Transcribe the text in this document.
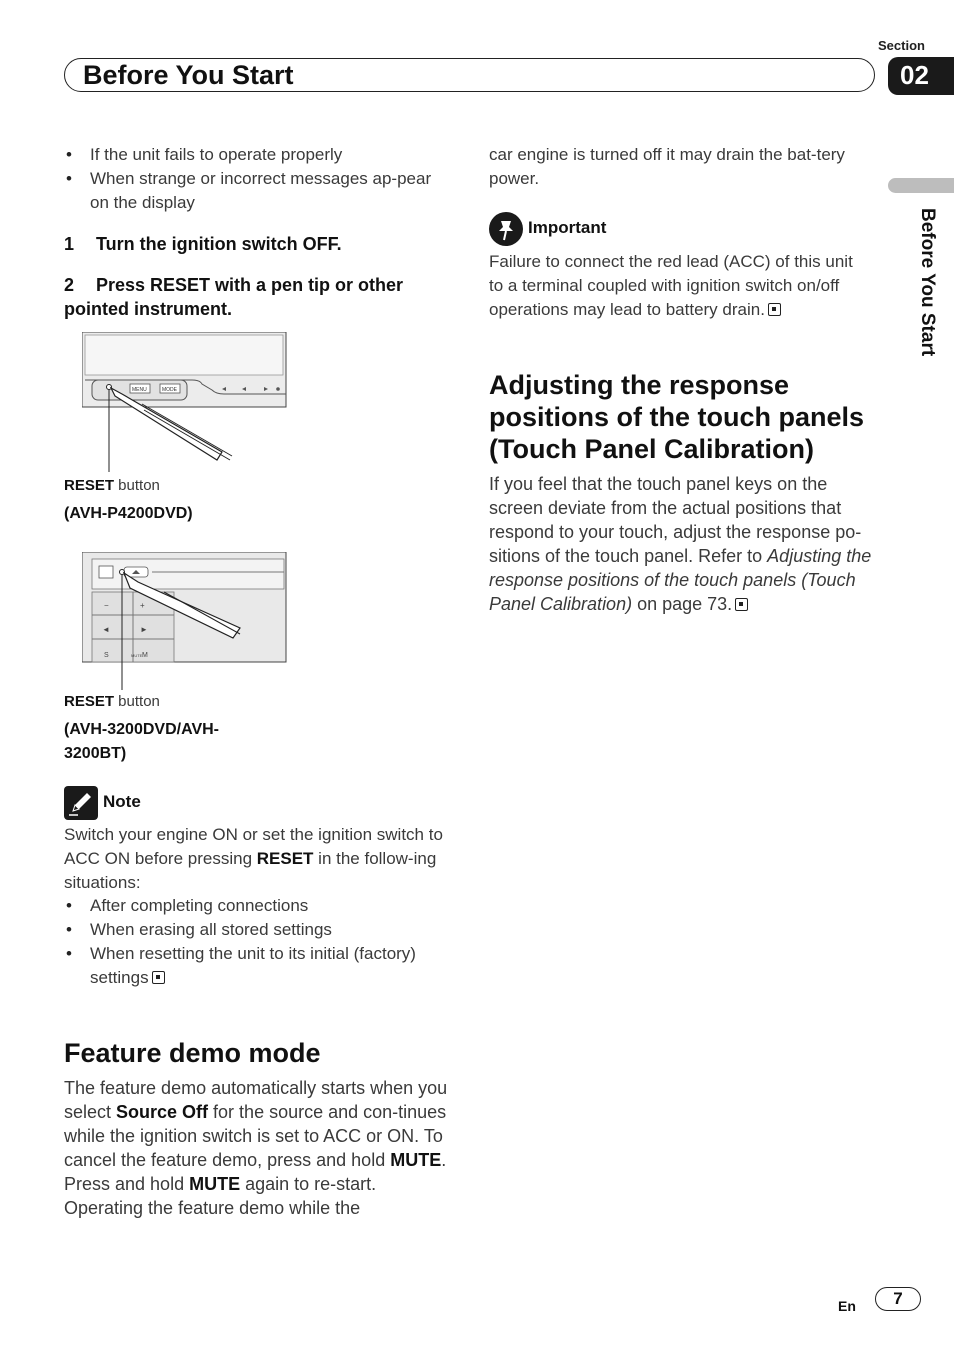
Section
02
Before You Start
Before You Start
• If the unit fails to operate properly
• When strange or incorrect messages ap-pear on the display
1 Turn the ignition switch OFF.
2 Press RESET with a pen tip or other pointed instrument.
MENU	MODE
RESET button
(AVH-P4200DVD)
−	+
◄	►
S	MUTE M
RESET button
(AVH-3200DVD/AVH-
3200BT)
Note
Switch your engine ON or set the ignition switch to ACC ON before pressing RESET in the follow-ing situations:
• After completing connections
• When erasing all stored settings
• When resetting the unit to its initial (factory) settings
Feature demo mode
The feature demo automatically starts when you select Source Off for the source and con-tinues while the ignition switch is set to ACC or ON. To cancel the feature demo, press and hold MUTE. Press and hold MUTE again to re-start. Operating the feature demo while the
car engine is turned off it may drain the bat-tery power.
Important
Failure to connect the red lead (ACC) of this unit to a terminal coupled with ignition switch on/off operations may lead to battery drain.
Adjusting the response positions of the touch panels (Touch Panel Calibration)
If you feel that the touch panel keys on the screen deviate from the actual positions that respond to your touch, adjust the response po-sitions of the touch panel. Refer to Adjusting the response positions of the touch panels (Touch Panel Calibration) on page 73.
En	7
